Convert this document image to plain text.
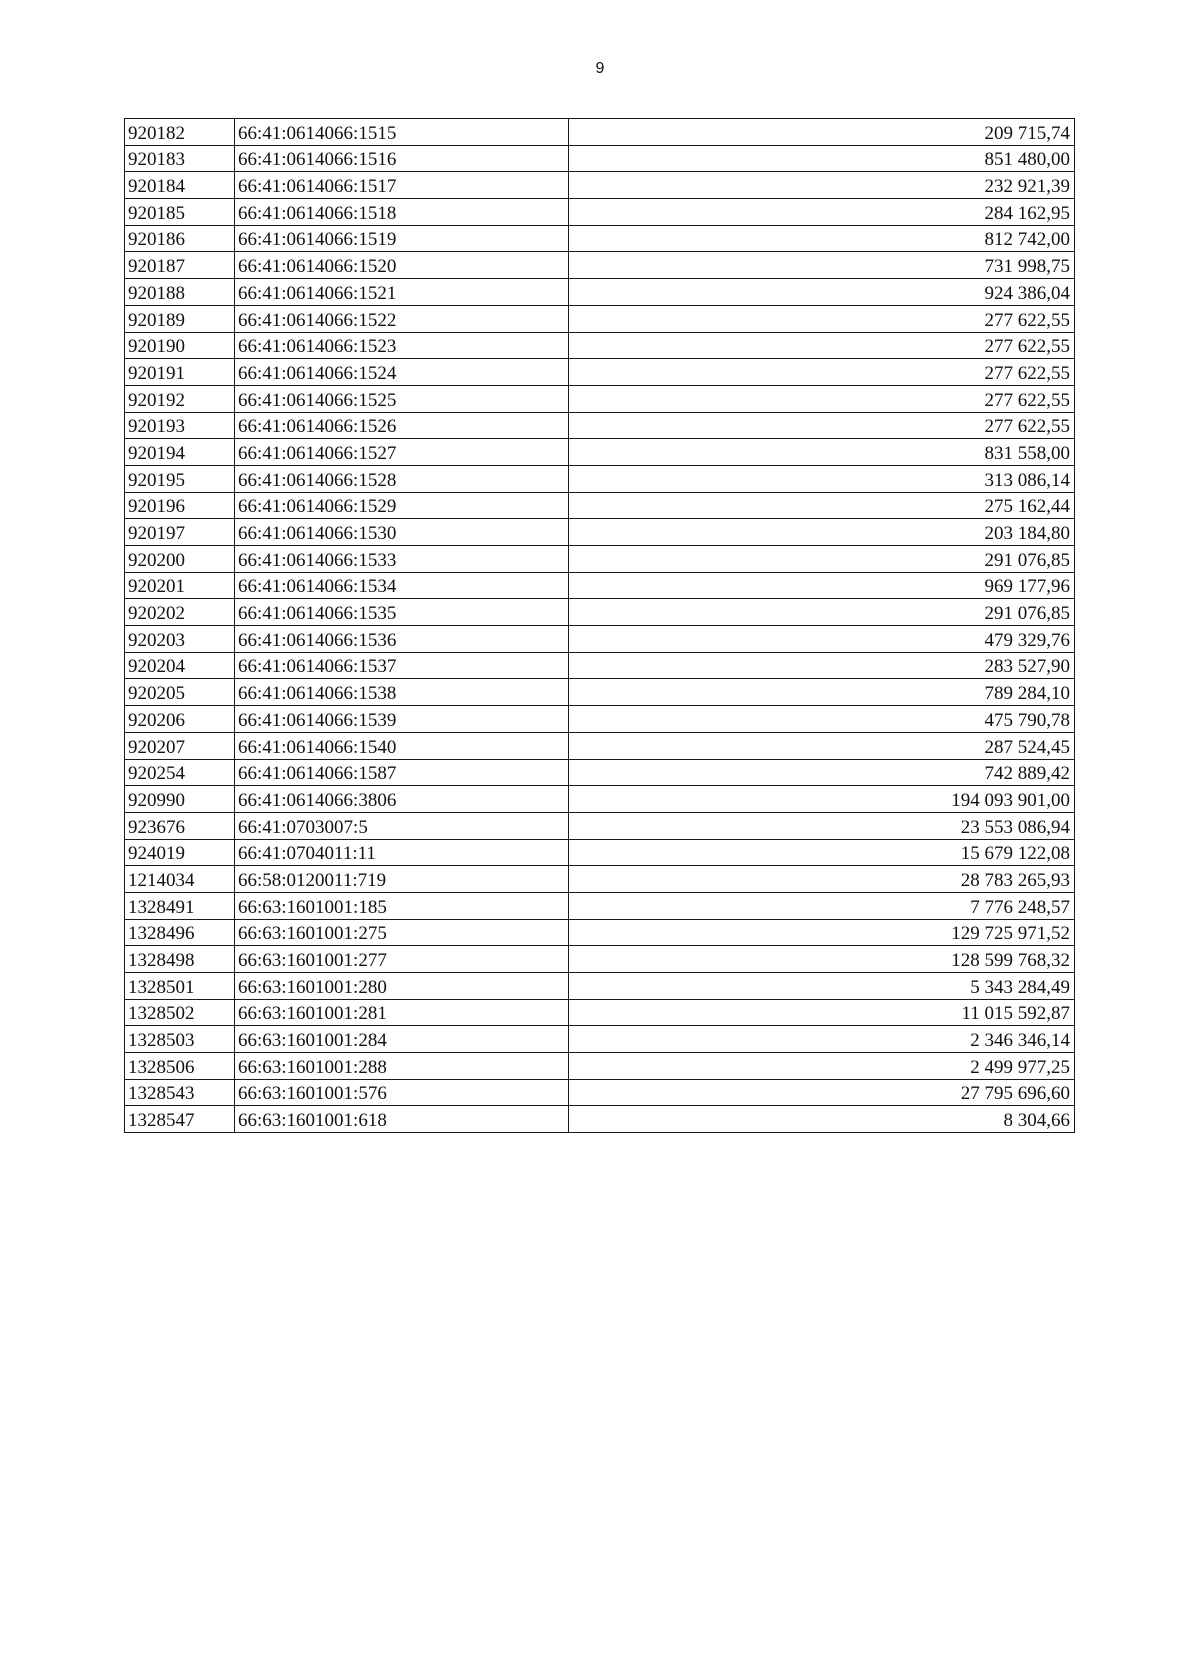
9
920182	66:41:0614066:1515	209 715,74
920183	66:41:0614066:1516	851 480,00
920184	66:41:0614066:1517	232 921,39
920185	66:41:0614066:1518	284 162,95
920186	66:41:0614066:1519	812 742,00
920187	66:41:0614066:1520	731 998,75
920188	66:41:0614066:1521	924 386,04
920189	66:41:0614066:1522	277 622,55
920190	66:41:0614066:1523	277 622,55
920191	66:41:0614066:1524	277 622,55
920192	66:41:0614066:1525	277 622,55
920193	66:41:0614066:1526	277 622,55
920194	66:41:0614066:1527	831 558,00
920195	66:41:0614066:1528	313 086,14
920196	66:41:0614066:1529	275 162,44
920197	66:41:0614066:1530	203 184,80
920200	66:41:0614066:1533	291 076,85
920201	66:41:0614066:1534	969 177,96
920202	66:41:0614066:1535	291 076,85
920203	66:41:0614066:1536	479 329,76
920204	66:41:0614066:1537	283 527,90
920205	66:41:0614066:1538	789 284,10
920206	66:41:0614066:1539	475 790,78
920207	66:41:0614066:1540	287 524,45
920254	66:41:0614066:1587	742 889,42
920990	66:41:0614066:3806	194 093 901,00
923676	66:41:0703007:5	23 553 086,94
924019	66:41:0704011:11	15 679 122,08
1214034	66:58:0120011:719	28 783 265,93
1328491	66:63:1601001:185	7 776 248,57
1328496	66:63:1601001:275	129 725 971,52
1328498	66:63:1601001:277	128 599 768,32
1328501	66:63:1601001:280	5 343 284,49
1328502	66:63:1601001:281	11 015 592,87
1328503	66:63:1601001:284	2 346 346,14
1328506	66:63:1601001:288	2 499 977,25
1328543	66:63:1601001:576	27 795 696,60
1328547	66:63:1601001:618	8 304,66
